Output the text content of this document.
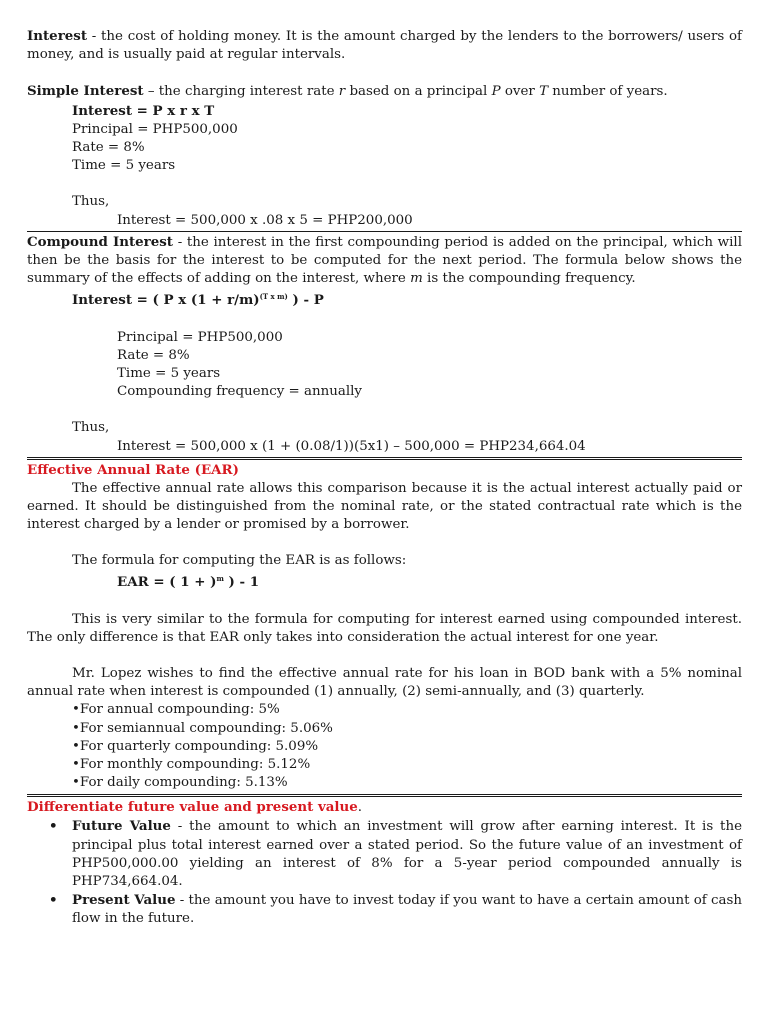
Interest - the cost of holding money. It is the amount charged by the lenders to the borrowers/ users of money, and is usually paid at regular intervals.

Simple Interest – the charging interest rate r based on a principal P over T number of years.

Interest = P x r x T

Principal = PHP500,000

Rate = 8%

Time = 5 years

Thus,

Interest = 500,000 x .08 x 5 = PHP200,000

Compound Interest - the interest in the first compounding period is added on the principal, which will then be the basis for the interest to be computed for the next period. The formula below shows the summary of the effects of adding on the interest, where m is the compounding frequency.

Interest = ( P x $(1 + r/m)^{(T x m)}$ ) - P

Principal = PHP500,000

Rate = 8%

Time = 5 years

Compounding frequency = annually

Thus,

Interest = 500,000 x (1 + (0.08/1))(5x1) – 500,000 = PHP234,664.04

Effective Annual Rate (EAR)

The effective annual rate allows this comparison because it is the actual interest actually paid or earned. It should be distinguished from the nominal rate, or the stated contractual rate which is the interest charged by a lender or promised by a borrower.

The formula for computing the EAR is as follows:

EAR = ( 1 + )$^m$ ) - 1

This is very similar to the formula for computing for interest earned using compounded interest. The only difference is that EAR only takes into consideration the actual interest for one year.

Mr. Lopez wishes to find the effective annual rate for his loan in BOD bank with a 5% nominal annual rate when interest is compounded (1) annually, (2) semi-annually, and (3) quarterly.

• For annual compounding: 5%
• For semiannual compounding: 5.06%
• For quarterly compounding: 5.09%
• For monthly compounding: 5.12%
• For daily compounding: 5.13%

Differentiate future value and present value.

• Future Value - the amount to which an investment will grow after earning interest. It is the principal plus total interest earned over a stated period. So the future value of an investment of PHP500,000.00 yielding an interest of 8% for a 5-year period compounded annually is PHP734,664.04.
• Present Value - the amount you have to invest today if you want to have a certain amount of cash flow in the future.
